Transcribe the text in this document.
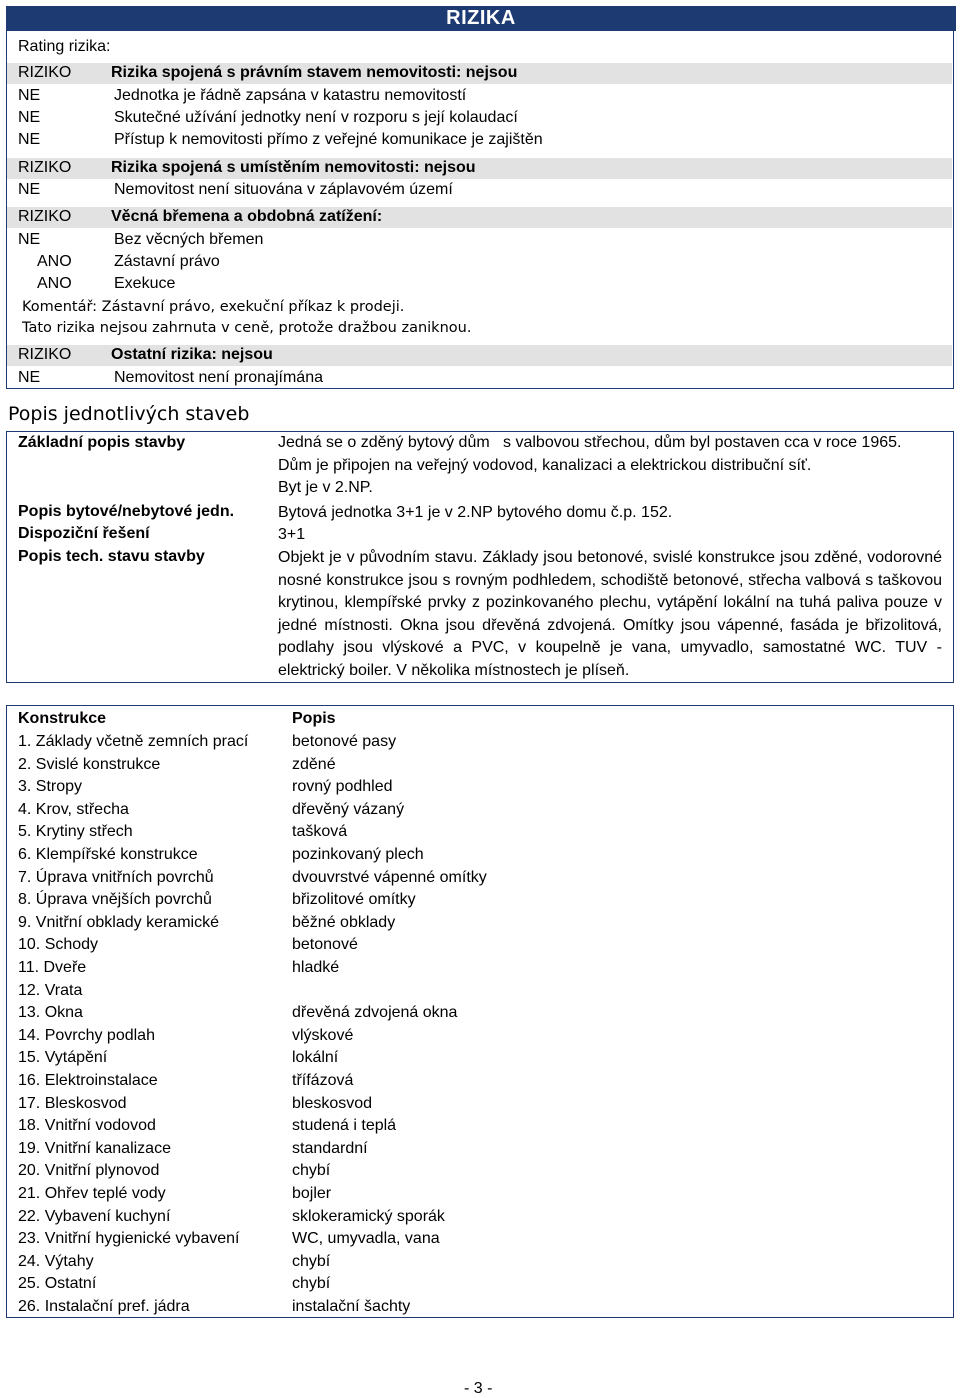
RIZIKA
Rating rizika:
RIZIKO Rizika spojená s právním stavem nemovitosti: nejsou
NE	Jednotka je řádně zapsána v katastru nemovitostí
NE	Skutečné užívání jednotky není v rozporu s její kolaudací
NE	Přístup k nemovitosti přímo z veřejné komunikace je zajištěn
RIZIKO Rizika spojená s umístěním nemovitosti: nejsou
NE	Nemovitost není situována v záplavovém území
RIZIKO Věcná břemena a obdobná zatížení:
NE	Bez věcných břemen
ANO	Zástavní právo
ANO	Exekuce
Komentář: Zástavní právo, exekuční příkaz k prodeji.
Tato rizika nejsou zahrnuta v ceně, protože dražbou zaniknou.
RIZIKO Ostatní rizika: nejsou
NE	Nemovitost není pronajímána
Popis jednotlivých staveb
Základní popis stavby	Jedná se o zděný bytový dům   s valbovou střechou, dům byl postaven cca v roce 1965.
Dům je připojen na veřejný vodovod, kanalizaci a elektrickou distribuční síť.
Byt je v 2.NP.
Popis bytové/nebytové jedn.	Bytová jednotka 3+1 je v 2.NP bytového domu č.p. 152.
Dispoziční řešení	3+1
Popis tech. stavu stavby	Objekt je v původním stavu. Základy jsou betonové, svislé konstrukce jsou zděné, vodorovné nosné konstrukce jsou s rovným podhledem, schodiště betonové, střecha valbová s taškovou krytinou, klempířské prvky z pozinkovaného plechu, vytápění lokální na tuhá paliva pouze v jedné místnosti. Okna jsou dřevěná zdvojená. Omítky jsou vápenné, fasáda je břizolitová, podlahy jsou vlýskové a PVC, v koupelně je vana, umyvadlo, samostatné WC. TUV - elektrický boiler. V několika místnostech je plíseň.
Konstrukce	Popis
1. Základy včetně zemních prací	betonové pasy
2. Svislé konstrukce	zděné
3. Stropy	rovný podhled
4. Krov, střecha	dřevěný vázaný
5. Krytiny střech	tašková
6. Klempířské konstrukce	pozinkovaný plech
7. Úprava vnitřních povrchů	dvouvrstvé vápenné omítky
8. Úprava vnějších povrchů	břizolitové omítky
9. Vnitřní obklady keramické	běžné obklady
10. Schody	betonové
11. Dveře	hladké
12. Vrata
13. Okna	dřevěná zdvojená okna
14. Povrchy podlah	vlýskové
15. Vytápění	lokální
16. Elektroinstalace	třífázová
17. Bleskosvod	bleskosvod
18. Vnitřní vodovod	studená i teplá
19. Vnitřní kanalizace	standardní
20. Vnitřní plynovod	chybí
21. Ohřev teplé vody	bojler
22. Vybavení kuchyní	sklokeramický sporák
23. Vnitřní hygienické vybavení	WC, umyvadla, vana
24. Výtahy	chybí
25. Ostatní	chybí
26. Instalační pref. jádra	instalační šachty
- 3 -
